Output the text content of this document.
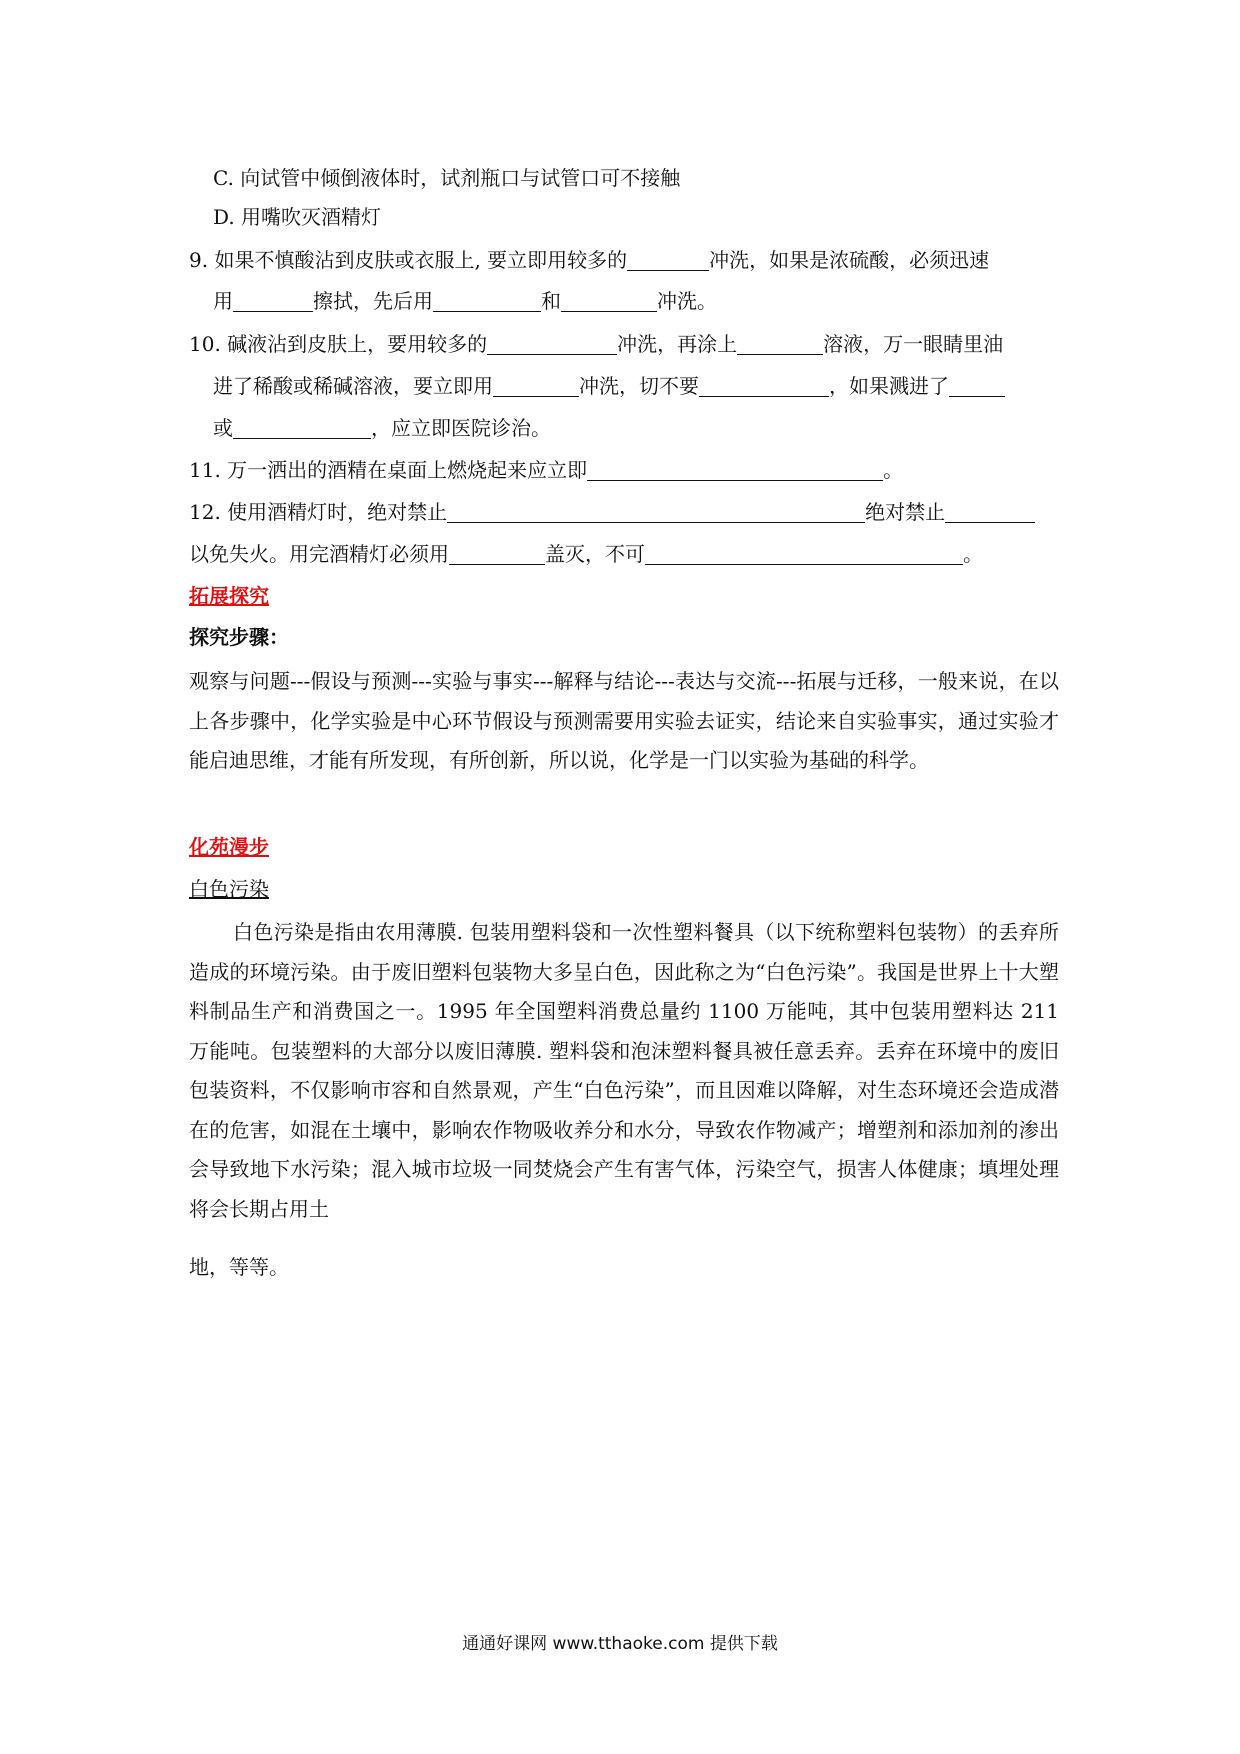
C. 向试管中倾倒液体时，试剂瓶口与试管口可不接触
D. 用嘴吹灭酒精灯
9. 如果不慎酸沾到皮肤或衣服上, 要立即用较多的	冲洗，如果是浓硫酸，必须迅速
用	擦拭，先后用	和	冲洗。
10. 碱液沾到皮肤上，要用较多的	冲洗，再涂上	溶液，万一眼睛里油
进了稀酸或稀碱溶液，要立即用	冲洗，切不要	，如果溅进了
或	，应立即医院诊治。
11. 万一洒出的酒精在桌面上燃烧起来应立即	。
12. 使用酒精灯时，绝对禁止	绝对禁止
以免失火。用完酒精灯必须用	盖灭，不可	。
拓展探究
探究步骤：
观察与问题---假设与预测---实验与事实---解释与结论---表达与交流---拓展与迁移，一般来说，在以上各步骤中，化学实验是中心环节假设与预测需要用实验去证实，结论来自实验事实，通过实验才能启迪思维，才能有所发现，有所创新，所以说，化学是一门以实验为基础的科学。
化苑漫步
白色污染
白色污染是指由农用薄膜. 包装用塑料袋和一次性塑料餐具（以下统称塑料包装物）的丢弃所造成的环境污染。由于废旧塑料包装物大多呈白色，因此称之为“白色污染”。我国是世界上十大塑料制品生产和消费国之一。1995 年全国塑料消费总量约 1100 万能吨，其中包装用塑料达 211 万能吨。包装塑料的大部分以废旧薄膜. 塑料袋和泡沫塑料餐具被任意丢弃。丢弃在环境中的废旧包装资料，不仅影响市容和自然景观，产生“白色污染”，而且因难以降解，对生态环境还会造成潜在的危害，如混在土壤中，影响农作物吸收养分和水分，导致农作物减产；增塑剂和添加剂的渗出会导致地下水污染；混入城市垃圾一同焚烧会产生有害气体，污染空气，损害人体健康；填埋处理将会长期占用土
地，等等。
通通好课网 www.tthaoke.com 提供下载
